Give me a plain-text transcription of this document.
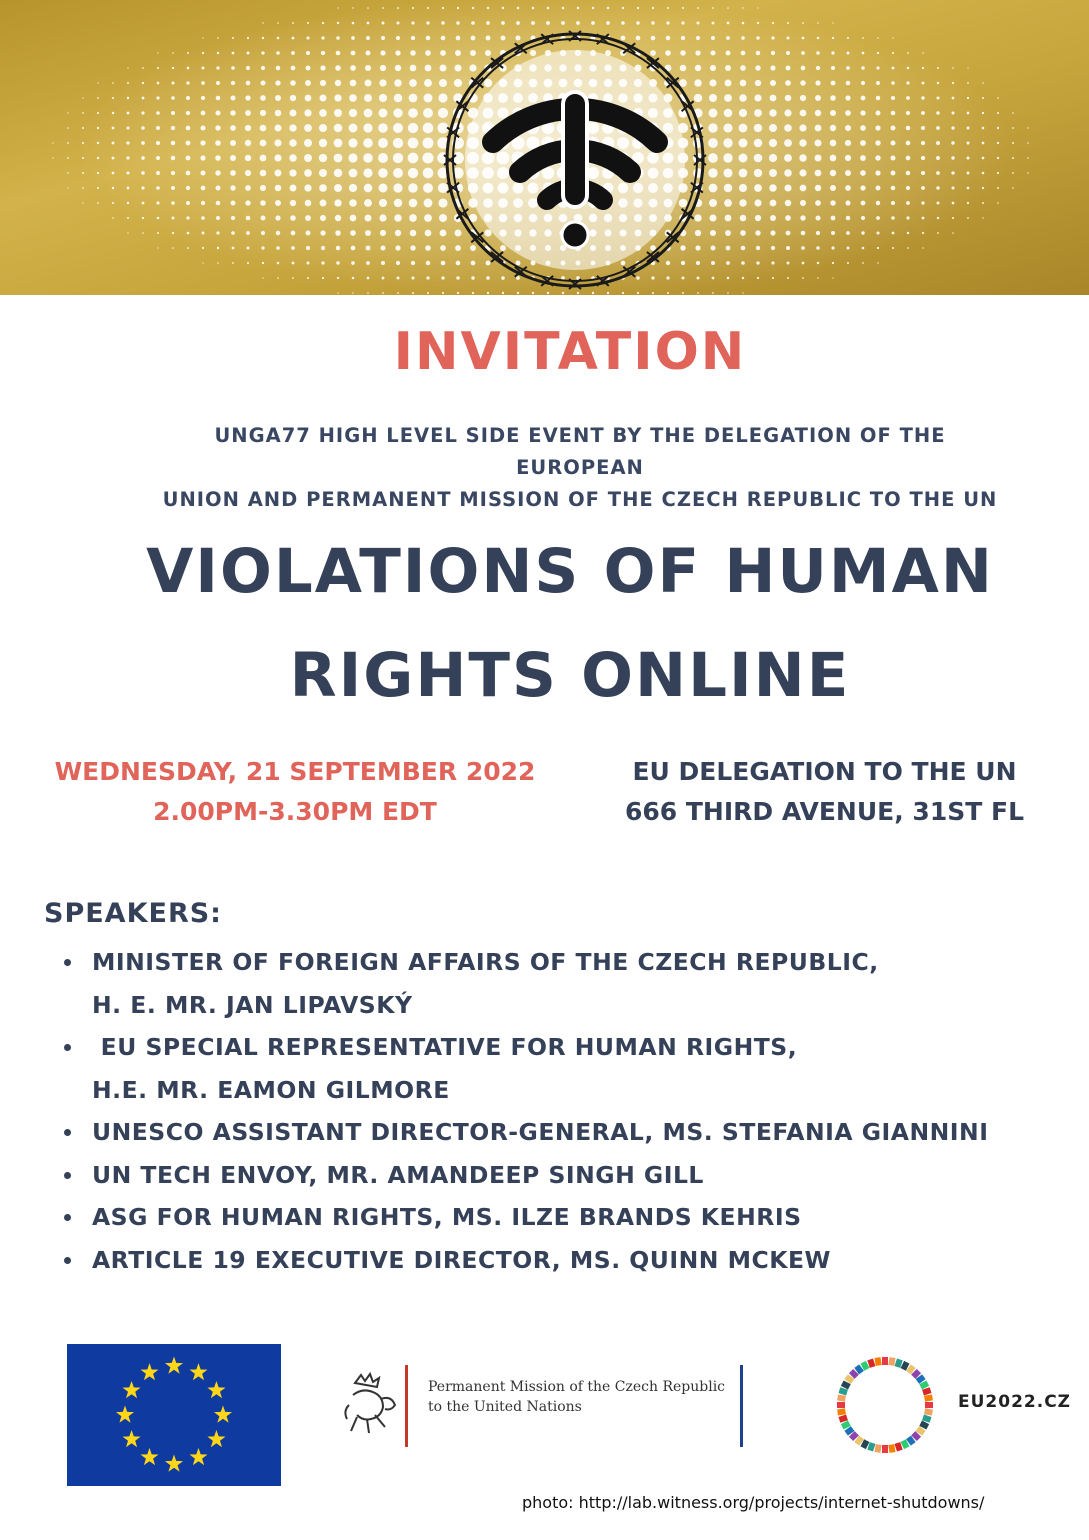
INVITATION

UNGA77 HIGH LEVEL SIDE EVENT BY THE DELEGATION OF THE EUROPEAN
UNION AND PERMANENT MISSION OF THE CZECH REPUBLIC TO THE UN

VIOLATIONS OF HUMAN
RIGHTS ONLINE
WEDNESDAY, 21 SEPTEMBER 2022
2.00PM-3.30PM EDT
EU DELEGATION TO THE UN
666 THIRD AVENUE, 31ST FL
SPEAKERS:
MINISTER OF FOREIGN AFFAIRS OF THE CZECH REPUBLIC,
H. E. MR. JAN LIPAVSKÝ
EU SPECIAL REPRESENTATIVE FOR HUMAN RIGHTS,
H.E. MR. EAMON GILMORE
UNESCO ASSISTANT DIRECTOR-GENERAL, MS. STEFANIA GIANNINI
UN TECH ENVOY, MR. AMANDEEP SINGH GILL
ASG FOR HUMAN RIGHTS, MS. ILZE BRANDS KEHRIS
ARTICLE 19 EXECUTIVE DIRECTOR, MS. QUINN MCKEW

Permanent Mission of the Czech Republic
to the United Nations	EU2022.CZ

photo: http://lab.witness.org/projects/internet-shutdowns/
